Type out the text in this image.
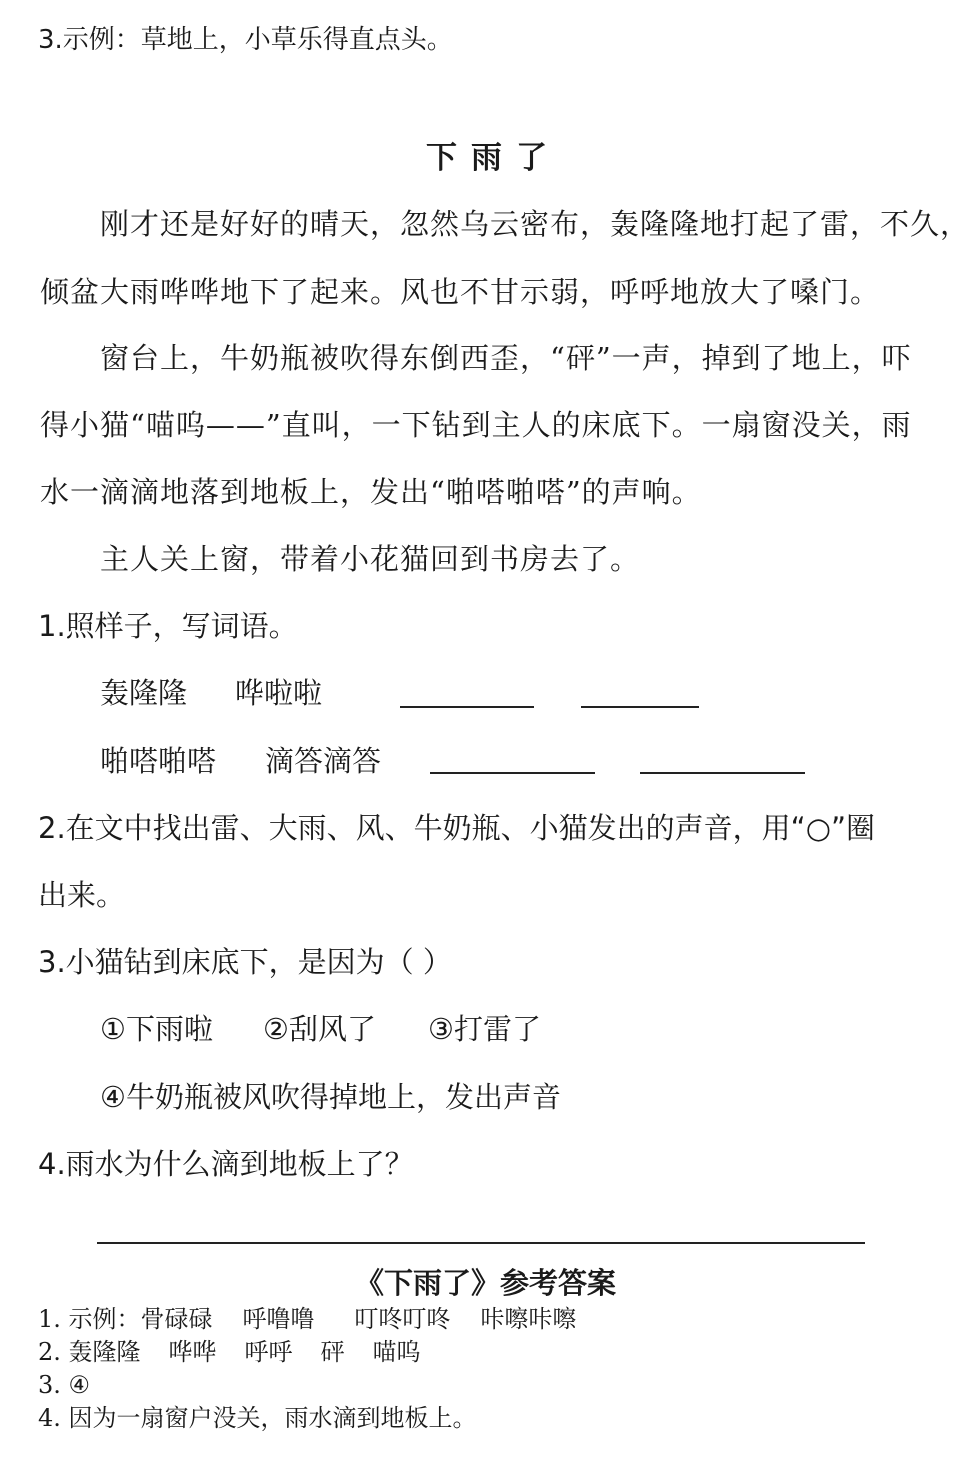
3.示例：草地上，小草乐得直点头。
下雨了
刚才还是好好的晴天，忽然乌云密布，轰隆隆地打起了雷，不久，
倾盆大雨哗哗地下了起来。风也不甘示弱，呼呼地放大了嗓门。
窗台上，牛奶瓶被吹得东倒西歪，“砰”一声，掉到了地上，吓
得小猫“喵呜——”直叫，一下钻到主人的床底下。一扇窗没关，雨
水一滴滴地落到地板上，发出“啪嗒啪嗒”的声响。
主人关上窗，带着小花猫回到书房去了。
1.照样子，写词语。
轰隆隆 哗啦啦
啪嗒啪嗒 滴答滴答
2.在文中找出雷、大雨、风、牛奶瓶、小猫发出的声音，用“○”圈
出来。
3.小猫钻到床底下，是因为（ ）
①下雨啦 ②刮风了 ③打雷了
④牛奶瓶被风吹得掉地上，发出声音
4.雨水为什么滴到地板上了？
《下雨了》参考答案
1. 示例：骨碌碌 呼噜噜 叮咚叮咚 咔嚓咔嚓
2. 轰隆隆 哗哗 呼呼 砰 喵呜
3. ④
4. 因为一扇窗户没关，雨水滴到地板上。
